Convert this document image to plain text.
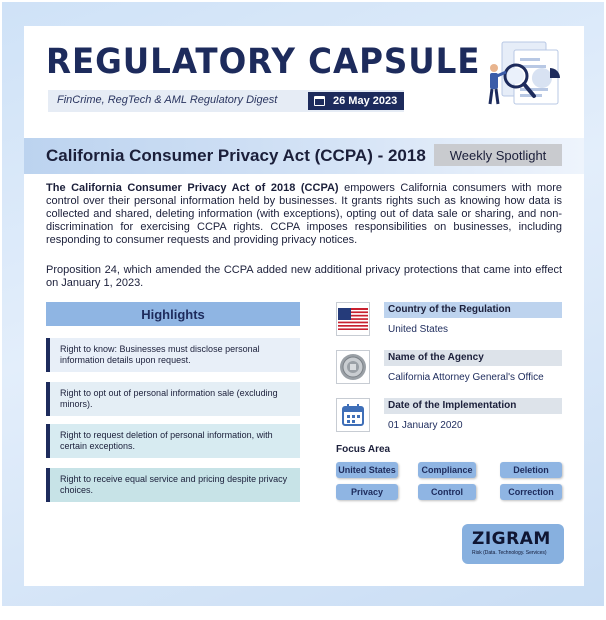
REGULATORY CAPSULE
FinCrime, RegTech & AML Regulatory Digest	26 May 2023
California Consumer Privacy Act (CCPA) - 2018	Weekly Spotlight

The California Consumer Privacy Act of 2018 (CCPA) empowers California consumers with more control over their personal information held by businesses. It grants rights such as knowing how data is collected and shared, deleting information (with exceptions), opting out of data sale or sharing, and non-discrimination for exercising CCPA rights. CCPA imposes responsibilities on businesses, including responding to consumer requests and providing privacy notices.

Proposition 24, which amended the CCPA added new additional privacy protections that came into effect on January 1, 2023.

Highlights
Right to know: Businesses must disclose personal information details upon request.
Right to opt out of personal information sale (excluding minors).
Right to request deletion of personal information, with certain exceptions.
Right to receive equal service and pricing despite privacy choices.
Country of the Regulation
United States
Name of the Agency
California Attorney General's Office
Date of the Implementation
01 January 2020
Focus Area
United States	Compliance	Deletion
Privacy	Control	Correction
ZIGRAM
Risk (Data. Technology. Services)
